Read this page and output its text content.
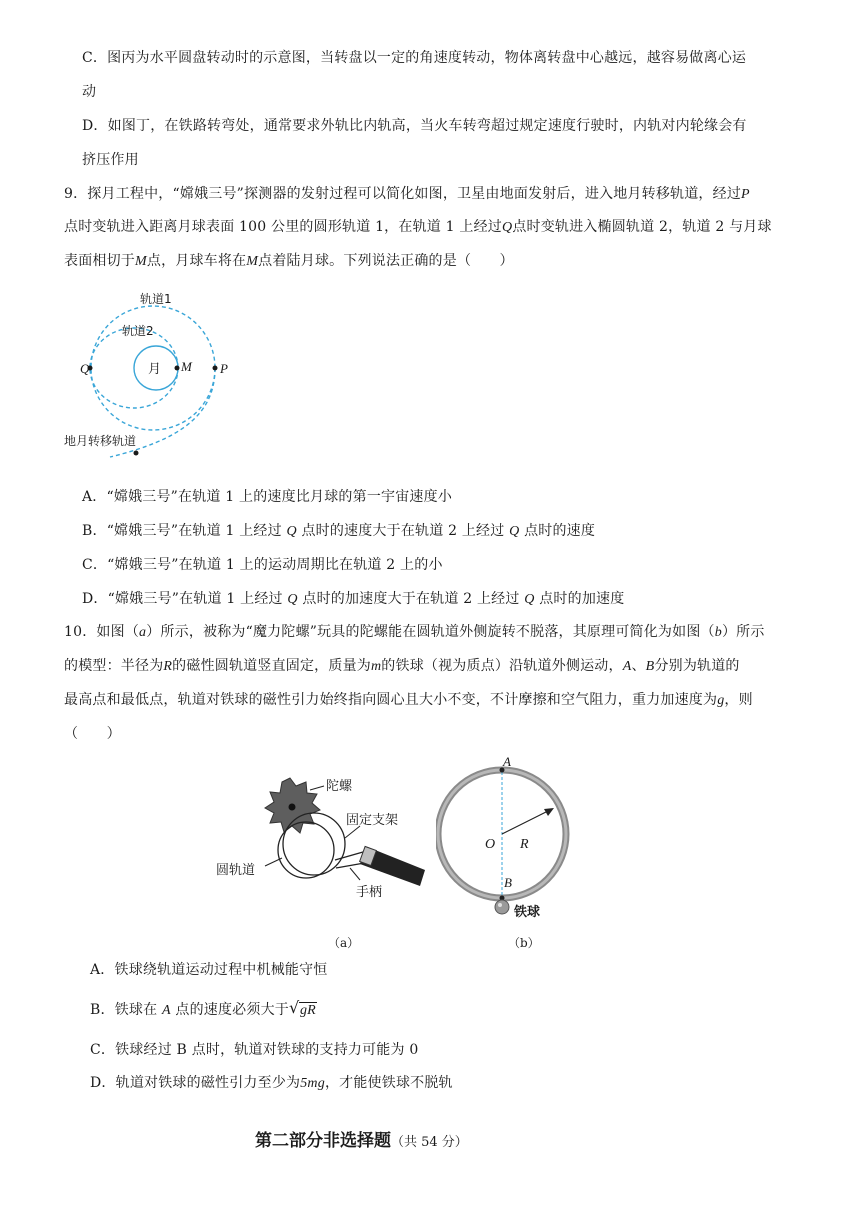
C．图丙为水平圆盘转动时的示意图，当转盘以一定的角速度转动，物体离转盘中心越远，越容易做离心运
动
D．如图丁，在铁路转弯处，通常要求外轨比内轨高，当火车转弯超过规定速度行驶时，内轨对内轮缘会有
挤压作用
9．探月工程中，“嫦娥三号”探测器的发射过程可以简化如图，卫星由地面发射后，进入地月转移轨道，经过P
点时变轨进入距离月球表面 100 公里的圆形轨道 1，在轨道 1 上经过Q点时变轨进入椭圆轨道 2，轨道 2 与月球
表面相切于M点，月球车将在M点着陆月球。下列说法正确的是（　　）
轨道1
轨道2
月
Q	M P
地月转移轨道
A．“嫦娥三号”在轨道 1 上的速度比月球的第一宇宙速度小
B．“嫦娥三号”在轨道 1 上经过 Q 点时的速度大于在轨道 2 上经过 Q 点时的速度
C．“嫦娥三号”在轨道 1 上的运动周期比在轨道 2 上的小
D．“嫦娥三号”在轨道 1 上经过 Q 点时的加速度大于在轨道 2 上经过 Q 点时的加速度
10．如图（a）所示，被称为“魔力陀螺”玩具的陀螺能在圆轨道外侧旋转不脱落，其原理可简化为如图（b）所示
的模型：半径为R的磁性圆轨道竖直固定，质量为m的铁球（视为质点）沿轨道外侧运动，A、B分别为轨道的
最高点和最低点，轨道对铁球的磁性引力始终指向圆心且大小不变，不计摩擦和空气阻力，重力加速度为g，则
（　　）
陀螺
固定支架
圆轨道
手柄
（a）
A
O R
B
铁球
（b）
A．铁球绕轨道运动过程中机械能守恒
B．铁球在 A 点的速度必须大于 √ gR
C．铁球经过 B 点时，轨道对铁球的支持力可能为 0
D．轨道对铁球的磁性引力至少为5mg，才能使铁球不脱轨
第二部分非选择题（共 54 分）
